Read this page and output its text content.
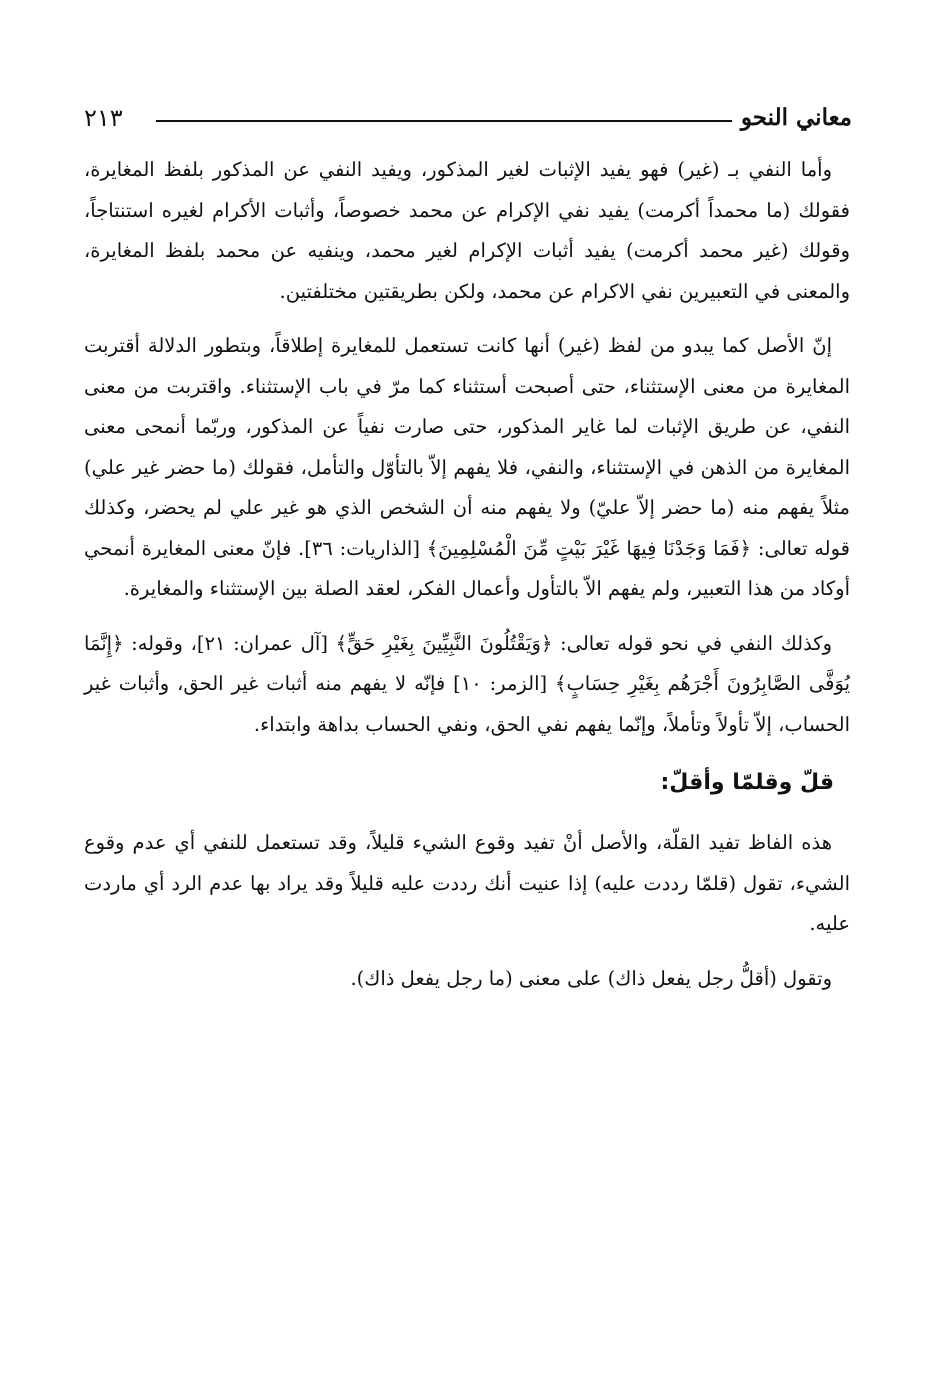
معاني النحو
٢١٣

وأما النفي بـ (غير) فهو يفيد الإثبات لغير المذكور، ويفيد النفي عن المذكور بلفظ المغايرة، فقولك (ما محمداً أكرمت) يفيد نفي الإكرام عن محمد خصوصاً، وأثبات الأكرام لغيره استنتاجاً، وقولك (غير محمد أكرمت) يفيد أثبات الإكرام لغير محمد، وينفيه عن محمد بلفظ المغايرة، والمعنى في التعبيرين نفي الاكرام عن محمد، ولكن بطريقتين مختلفتين.

إنّ الأصل كما يبدو من لفظ (غير) أنها كانت تستعمل للمغايرة إطلاقاً، وبتطور الدلالة أقتربت المغايرة من معنى الإستثناء، حتى أصبحت أستثناء كما مرّ في باب الإستثناء. واقتربت من معنى النفي، عن طريق الإثبات لما غاير المذكور، حتى صارت نفياً عن المذكور، وربّما أنمحى معنى المغايرة من الذهن في الإستثناء، والنفي، فلا يفهم إلاّ بالتأوّل والتأمل، فقولك (ما حضر غير علي) مثلاً يفهم منه (ما حضر إلاّ عليّ) ولا يفهم منه أن الشخص الذي هو غير علي لم يحضر، وكذلك قوله تعالى: ﴿فَمَا وَجَدْنَا فِيهَا غَيْرَ بَيْتٍ مِّنَ الْمُسْلِمِينَ﴾ [الذاريات: ٣٦]. فإنّ معنى المغايرة أنمحي أوكاد من هذا التعبير، ولم يفهم الاّ بالتأول وأعمال الفكر، لعقد الصلة بين الإستثناء والمغايرة.

وكذلك النفي في نحو قوله تعالى: ﴿وَيَقْتُلُونَ النَّبِيِّينَ بِغَيْرِ حَقٍّ﴾ [آل عمران: ٢١]، وقوله: ﴿إِنَّمَا يُوَفَّى الصَّابِرُونَ أَجْرَهُم بِغَيْرِ حِسَابٍ﴾ [الزمر: ١٠] فإنّه لا يفهم منه أثبات غير الحق، وأثبات غير الحساب، إلاّ تأولاً وتأملاً، وإنّما يفهم نفي الحق، ونفي الحساب بداهة وابتداء.

قلّ وقلمّا وأقلّ:

هذه الفاظ تفيد القلّة، والأصل أنْ تفيد وقوع الشيء قليلاً، وقد تستعمل للنفي أي عدم وقوع الشيء، تقول (قلمّا رددت عليه) إذا عنيت أنك رددت عليه قليلاً وقد يراد بها عدم الرد أي ماردت عليه.

وتقول (أقلُّ رجل يفعل ذاك) على معنى (ما رجل يفعل ذاك).
